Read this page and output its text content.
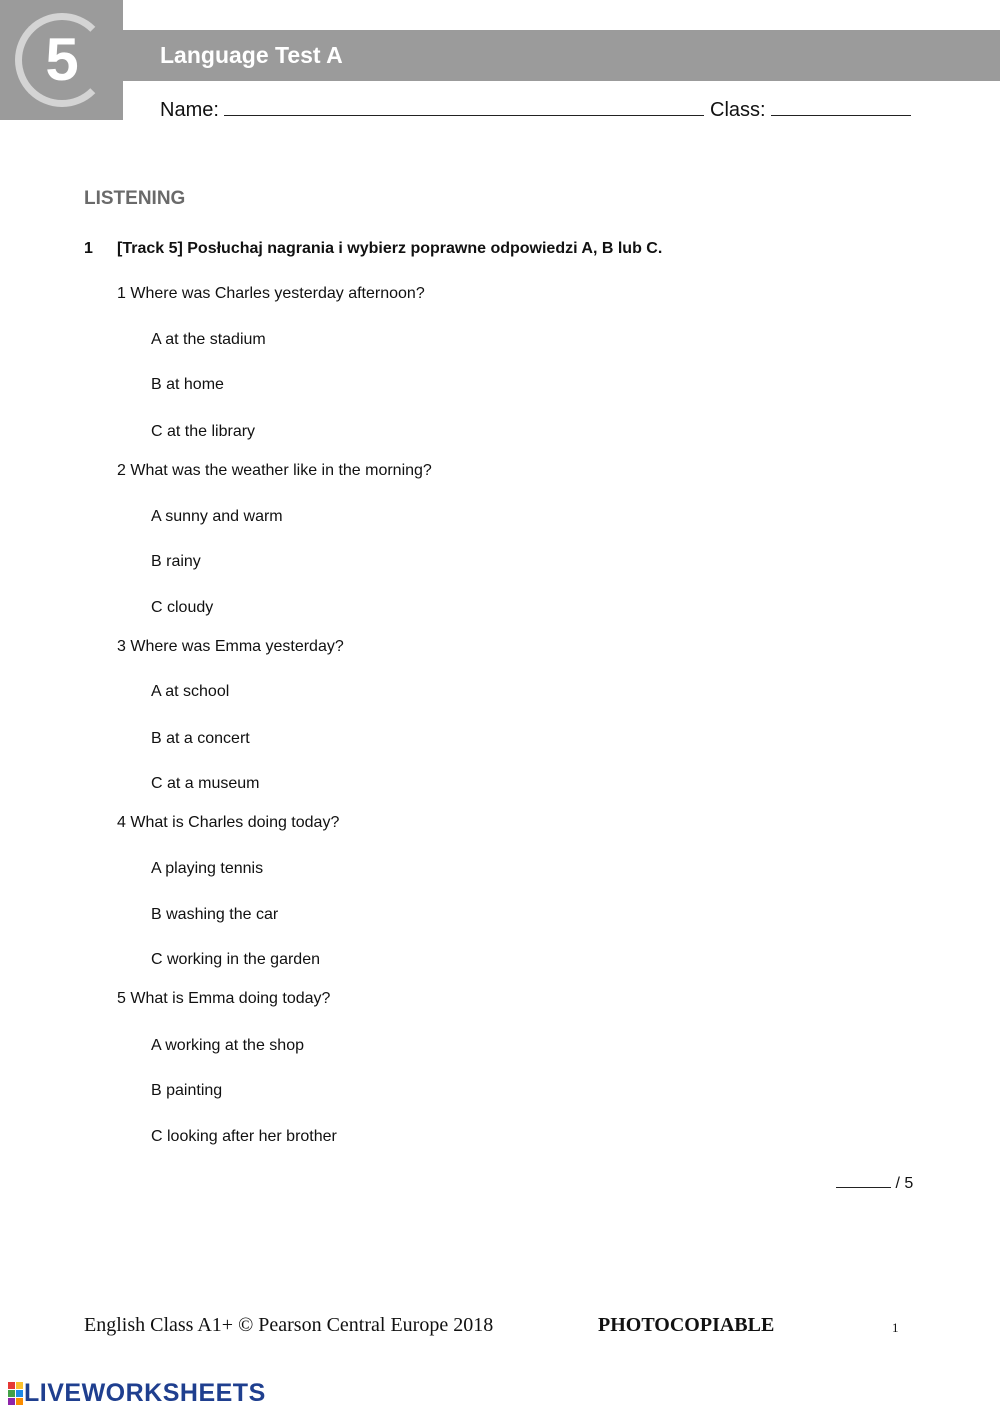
5	Language Test A
Name:	Class:
LISTENING
1 [Track 5] Posłuchaj nagrania i wybierz poprawne odpowiedzi A, B lub C.
1 Where was Charles yesterday afternoon?
A at the stadium
B at home
C at the library
2 What was the weather like in the morning?
A sunny and warm
B rainy
C cloudy
3 Where was Emma yesterday?
A at school
B at a concert
C at a museum
4 What is Charles doing today?
A playing tennis
B washing the car
C working in the garden
5 What is Emma doing today?
A working at the shop
B painting
C looking after her brother
/ 5
English Class A1+ © Pearson Central Europe 2018	PHOTOCOPIABLE	1
LIVEWORKSHEETS
